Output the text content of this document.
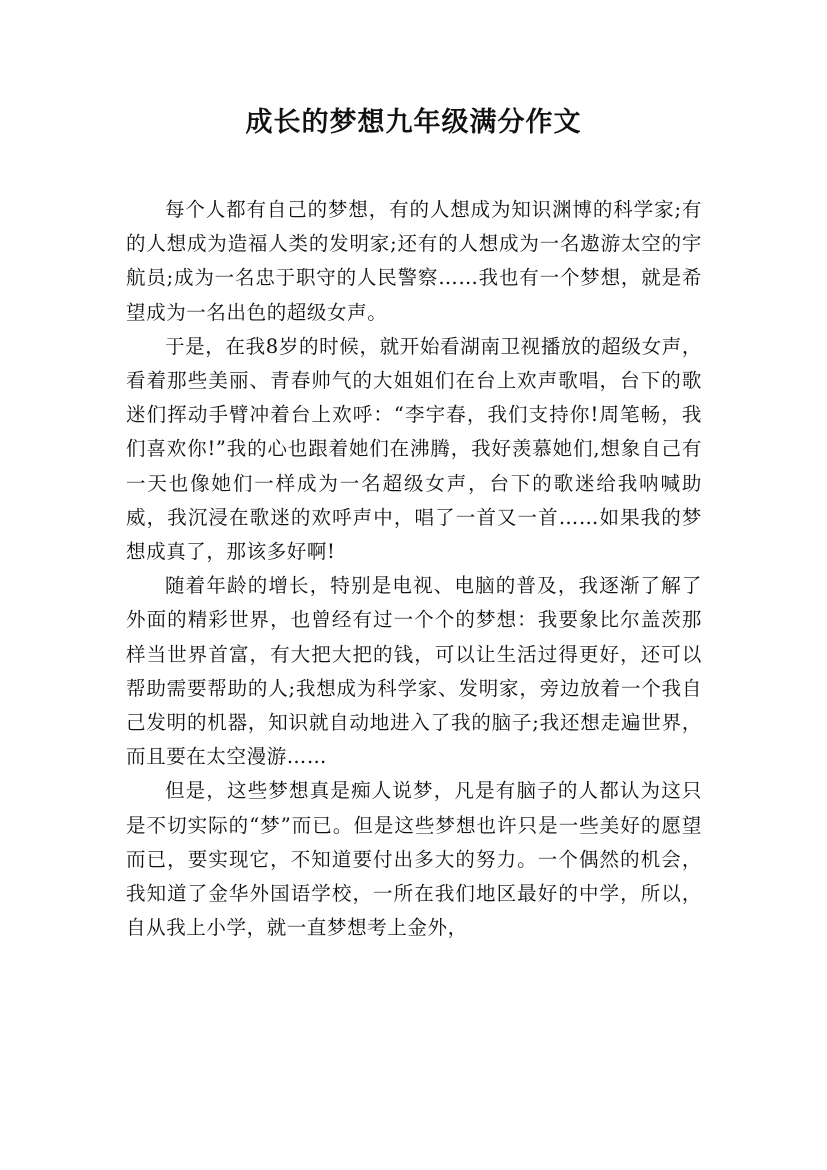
成长的梦想九年级满分作文

每个人都有自己的梦想，有的人想成为知识渊博的科学家;有的人想成为造福人类的发明家;还有的人想成为一名遨游太空的宇航员;成为一名忠于职守的人民警察……我也有一个梦想，就是希望成为一名出色的超级女声。

于是，在我8岁的时候，就开始看湖南卫视播放的超级女声，看着那些美丽、青春帅气的大姐姐们在台上欢声歌唱，台下的歌迷们挥动手臂冲着台上欢呼：“李宇春，我们支持你!周笔畅，我们喜欢你!”我的心也跟着她们在沸腾，我好羡慕她们,想象自己有一天也像她们一样成为一名超级女声，台下的歌迷给我呐喊助威，我沉浸在歌迷的欢呼声中，唱了一首又一首……如果我的梦想成真了，那该多好啊!

随着年龄的增长，特别是电视、电脑的普及，我逐渐了解了外面的精彩世界，也曾经有过一个个的梦想：我要象比尔盖茨那样当世界首富，有大把大把的钱，可以让生活过得更好，还可以帮助需要帮助的人;我想成为科学家、发明家，旁边放着一个我自己发明的机器，知识就自动地进入了我的脑子;我还想走遍世界，而且要在太空漫游……

但是，这些梦想真是痴人说梦，凡是有脑子的人都认为这只是不切实际的“梦”而已。但是这些梦想也许只是一些美好的愿望而已，要实现它，不知道要付出多大的努力。一个偶然的机会，我知道了金华外国语学校，一所在我们地区最好的中学，所以，自从我上小学，就一直梦想考上金外，
